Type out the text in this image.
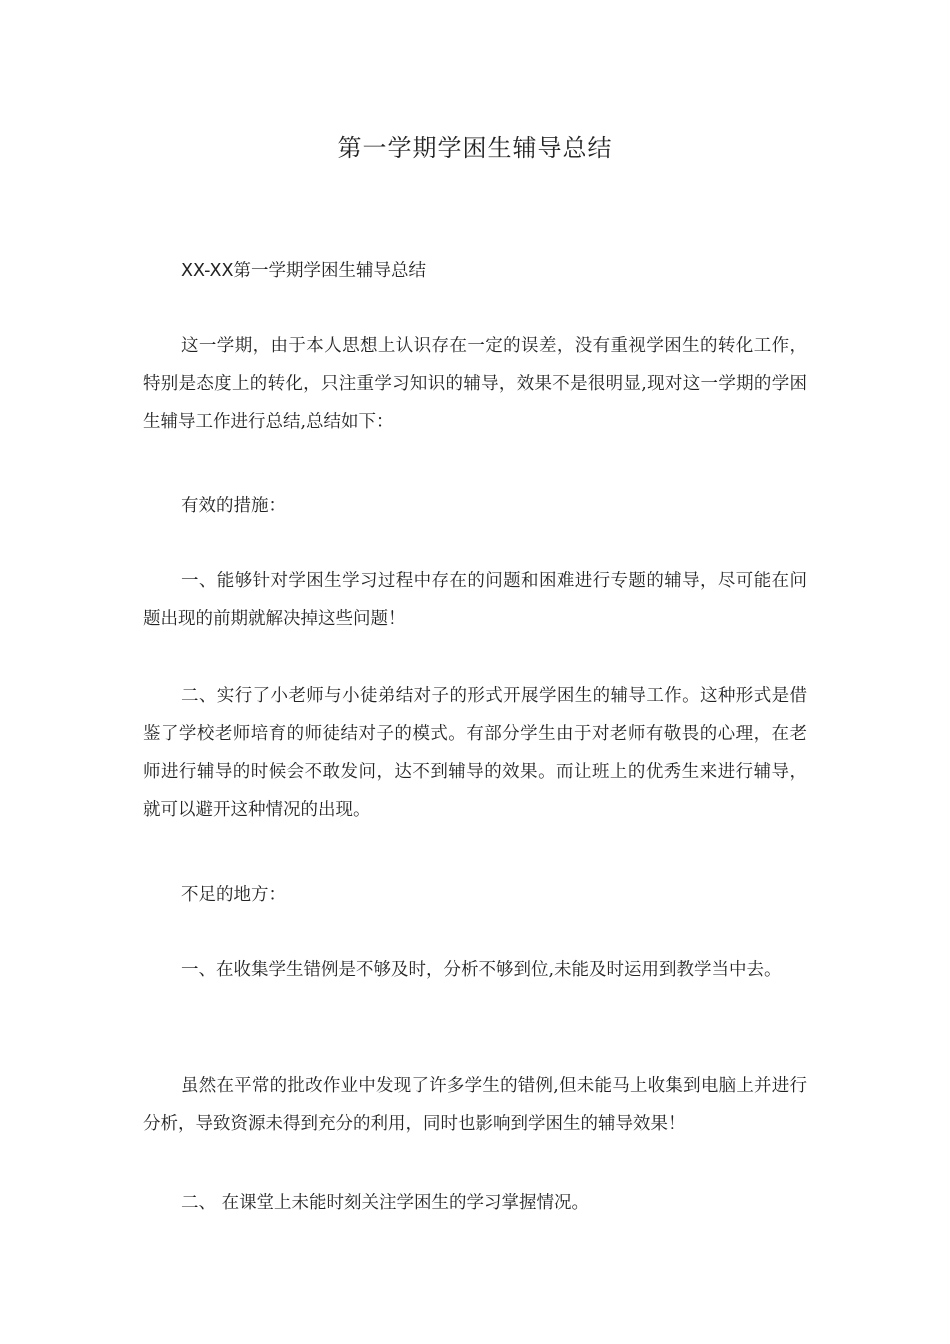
第一学期学困生辅导总结

XX-XX第一学期学困生辅导总结

这一学期，由于本人思想上认识存在一定的误差，没有重视学困生的转化工作，特别是态度上的转化，只注重学习知识的辅导，效果不是很明显,现对这一学期的学困生辅导工作进行总结,总结如下：

有效的措施：

一、能够针对学困生学习过程中存在的问题和困难进行专题的辅导，尽可能在问题出现的前期就解决掉这些问题！

二、实行了小老师与小徒弟结对子的形式开展学困生的辅导工作。这种形式是借鉴了学校老师培育的师徒结对子的模式。有部分学生由于对老师有敬畏的心理，在老师进行辅导的时候会不敢发问，达不到辅导的效果。而让班上的优秀生来进行辅导，就可以避开这种情况的出现。

不足的地方：

一、在收集学生错例是不够及时，分析不够到位,未能及时运用到教学当中去。

虽然在平常的批改作业中发现了许多学生的错例,但未能马上收集到电脑上并进行分析，导致资源未得到充分的利用，同时也影响到学困生的辅导效果！

二、 在课堂上未能时刻关注学困生的学习掌握情况。
